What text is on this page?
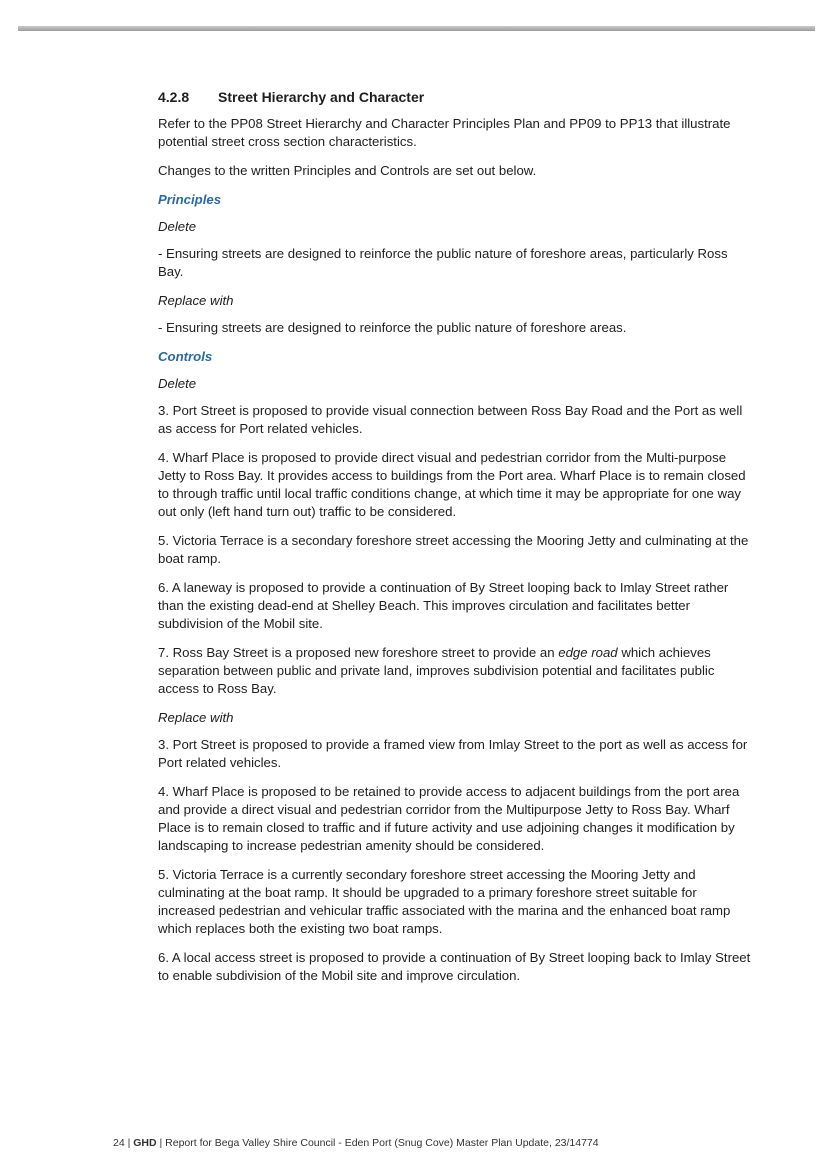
4.2.8	Street Hierarchy and Character

Refer to the PP08 Street Hierarchy and Character Principles Plan and PP09 to PP13 that illustrate potential street cross section characteristics.

Changes to the written Principles and Controls are set out below.

Principles
Delete

- Ensuring streets are designed to reinforce the public nature of foreshore areas, particularly Ross Bay.

Replace with

- Ensuring streets are designed to reinforce the public nature of foreshore areas.

Controls
Delete

3. Port Street is proposed to provide visual connection between Ross Bay Road and the Port as well as access for Port related vehicles.

4. Wharf Place is proposed to provide direct visual and pedestrian corridor from the Multi-purpose Jetty to Ross Bay. It provides access to buildings from the Port area. Wharf Place is to remain closed to through traffic until local traffic conditions change, at which time it may be appropriate for one way out only (left hand turn out) traffic to be considered.

5. Victoria Terrace is a secondary foreshore street accessing the Mooring Jetty and culminating at the boat ramp.

6. A laneway is proposed to provide a continuation of By Street looping back to Imlay Street rather than the existing dead-end at Shelley Beach. This improves circulation and facilitates better subdivision of the Mobil site.

7. Ross Bay Street is a proposed new foreshore street to provide an edge road which achieves separation between public and private land, improves subdivision potential and facilitates public access to Ross Bay.

Replace with

3. Port Street is proposed to provide a framed view from Imlay Street to the port as well as access for Port related vehicles.

4. Wharf Place is proposed to be retained to provide access to adjacent buildings from the port area and provide a direct visual and pedestrian corridor from the Multipurpose Jetty to Ross Bay. Wharf Place is to remain closed to traffic and if future activity and use adjoining changes it modification by landscaping to increase pedestrian amenity should be considered.

5. Victoria Terrace is a currently secondary foreshore street accessing the Mooring Jetty and culminating at the boat ramp. It should be upgraded to a primary foreshore street suitable for increased pedestrian and vehicular traffic associated with the marina and the enhanced boat ramp which replaces both the existing two boat ramps.

6. A local access street is proposed to provide a continuation of By Street looping back to Imlay Street to enable subdivision of the Mobil site and improve circulation.

24 | GHD | Report for Bega Valley Shire Council - Eden Port (Snug Cove) Master Plan Update, 23/14774
